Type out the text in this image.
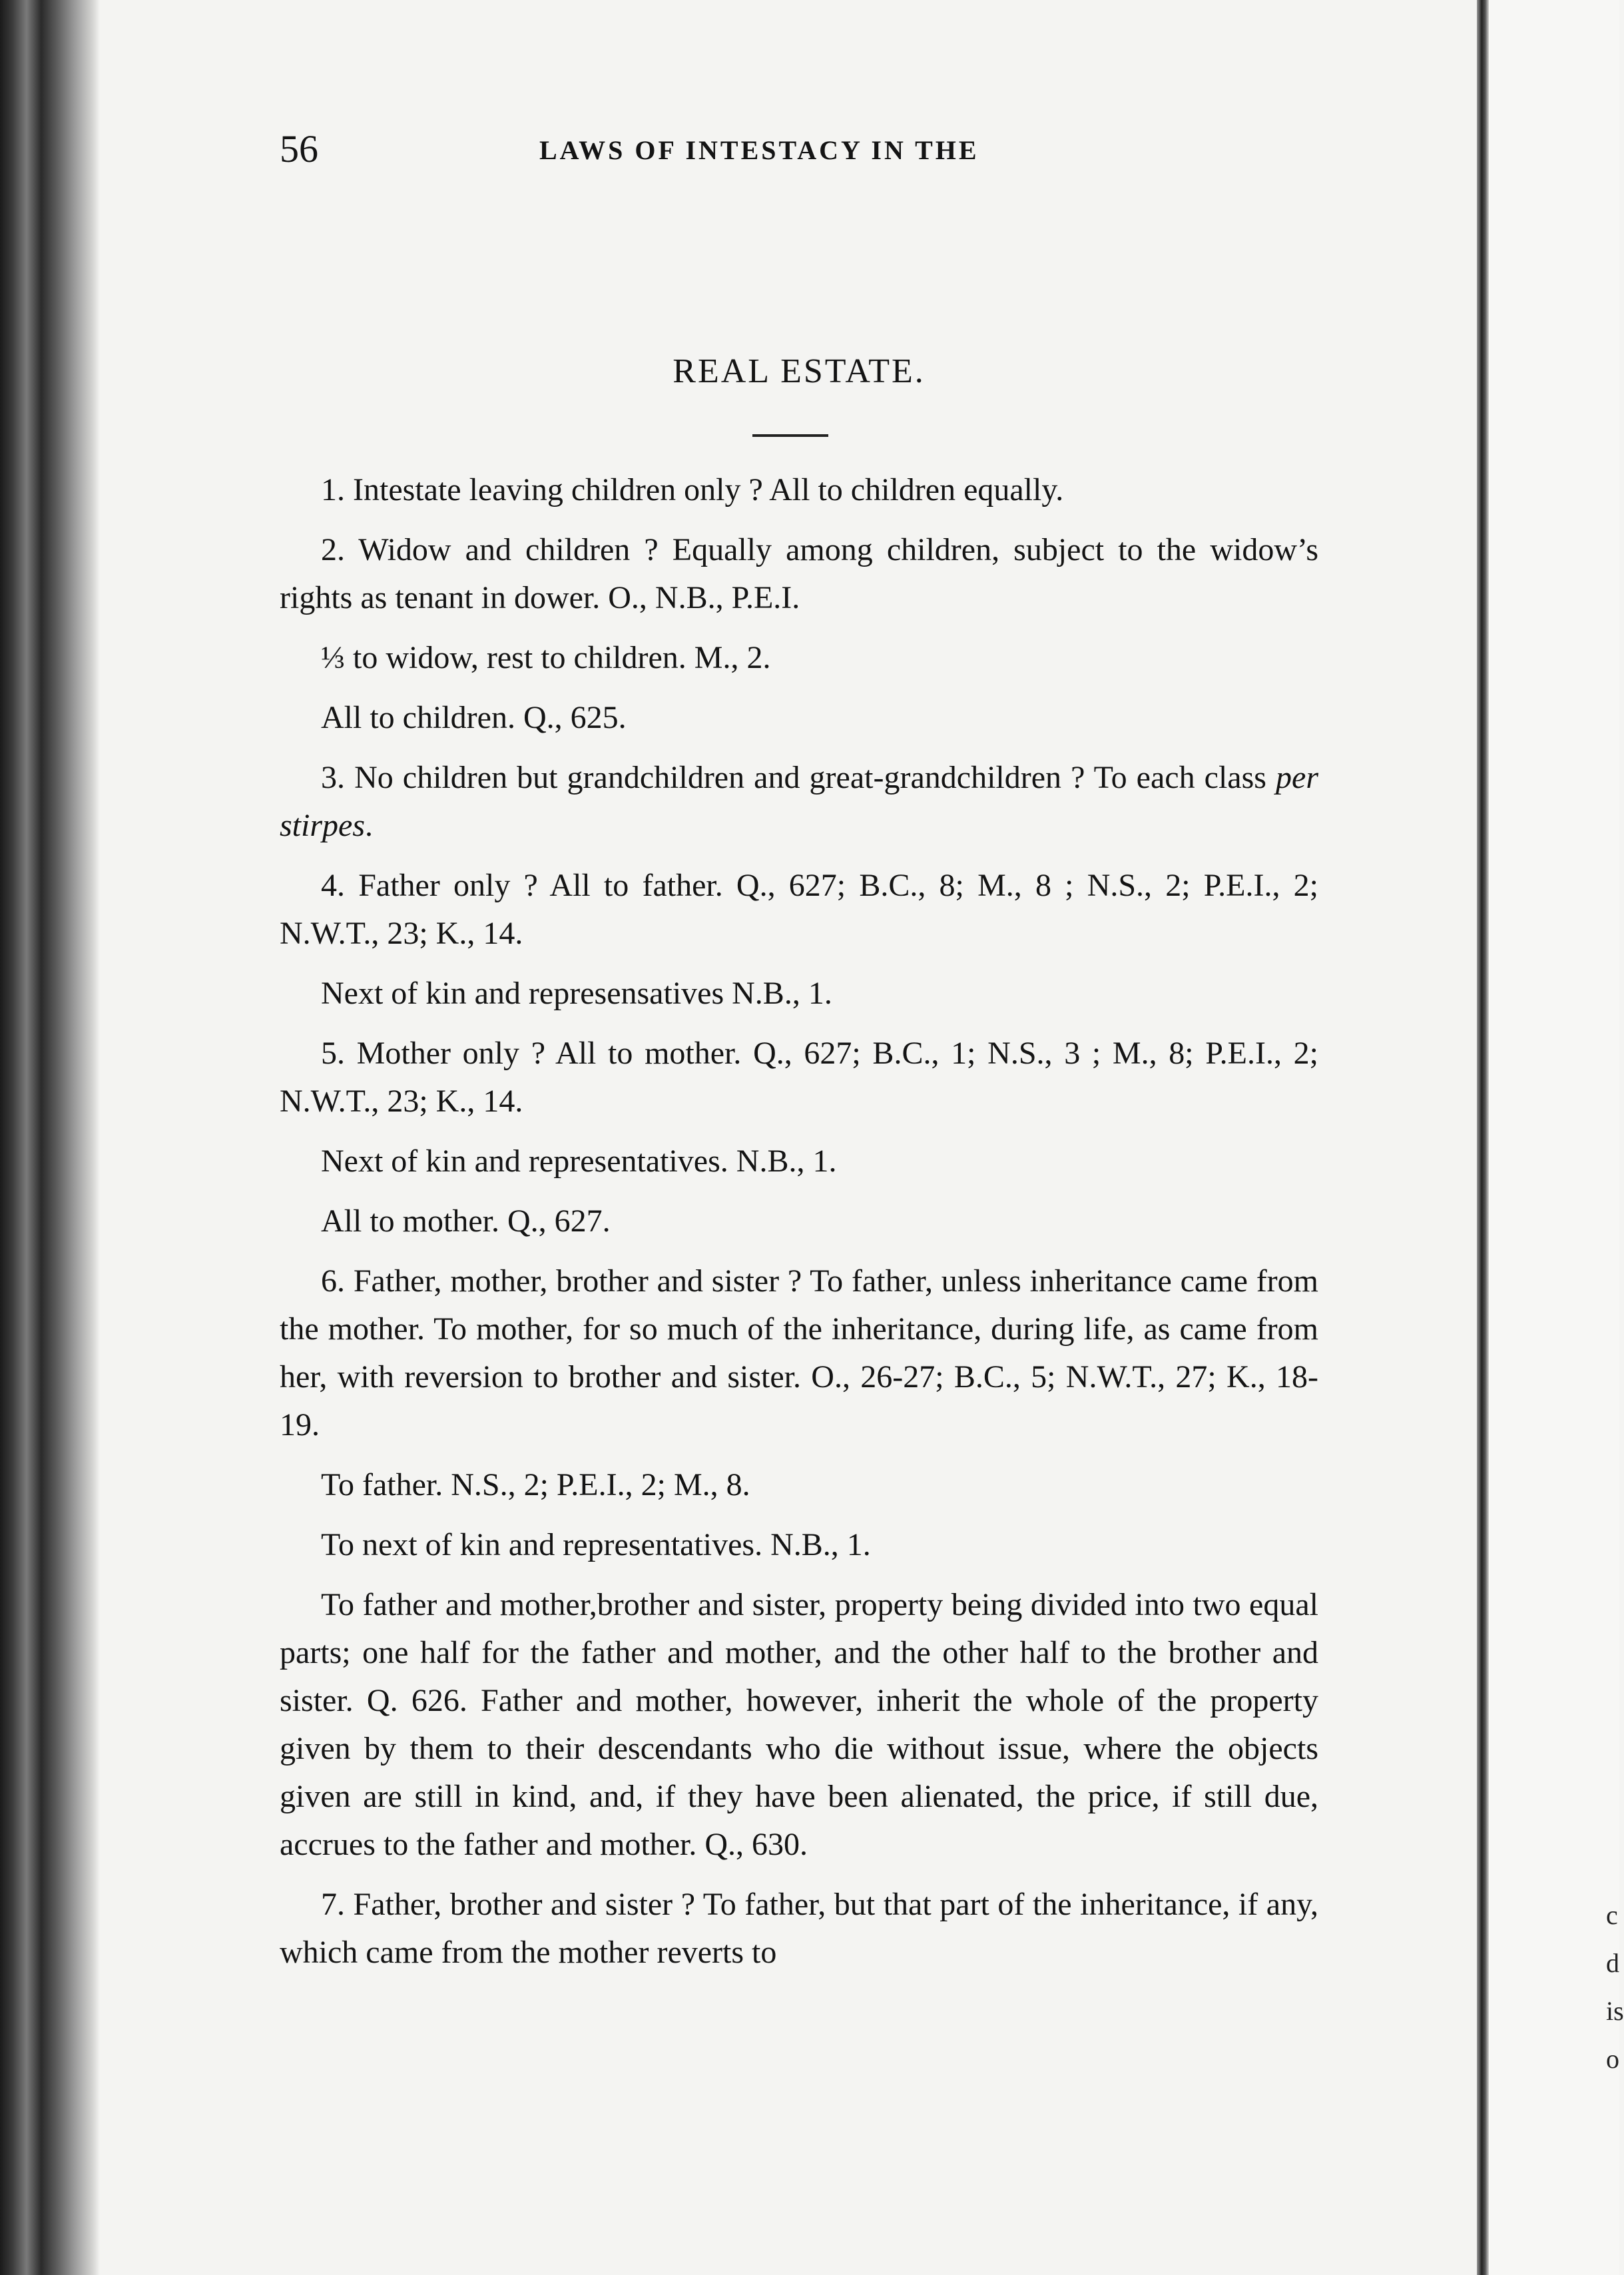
c
d
is
o
56	LAWS OF INTESTACY IN THE
REAL ESTATE.

1. Intestate leaving children only ? All to children equally.

2. Widow and children ? Equally among children, subject to the widow’s rights as tenant in dower. O., N.B., P.E.I.

⅓ to widow, rest to children. M., 2.

All to children. Q., 625.

3. No children but grandchildren and great-grandchildren ? To each class per stirpes.

4. Father only ? All to father. Q., 627; B.C., 8; M., 8 ; N.S., 2; P.E.I., 2; N.W.T., 23; K., 14.

Next of kin and represensatives N.B., 1.

5. Mother only ? All to mother. Q., 627; B.C., 1; N.S., 3 ; M., 8; P.E.I., 2; N.W.T., 23; K., 14.

Next of kin and representatives. N.B., 1.

All to mother. Q., 627.

6. Father, mother, brother and sister ? To father, unless inheritance came from the mother. To mother, for so much of the inheritance, during life, as came from her, with reversion to brother and sister. O., 26-27; B.C., 5; N.W.T., 27; K., 18-19.

To father. N.S., 2; P.E.I., 2; M., 8.

To next of kin and representatives. N.B., 1.

To father and mother,brother and sister, property being divided into two equal parts; one half for the father and mother, and the other half to the brother and sister. Q. 626. Father and mother, however, inherit the whole of the property given by them to their descendants who die without issue, where the objects given are still in kind, and, if they have been alienated, the price, if still due, accrues to the father and mother. Q., 630.

7. Father, brother and sister ? To father, but that part of the inheritance, if any, which came from the mother reverts to
